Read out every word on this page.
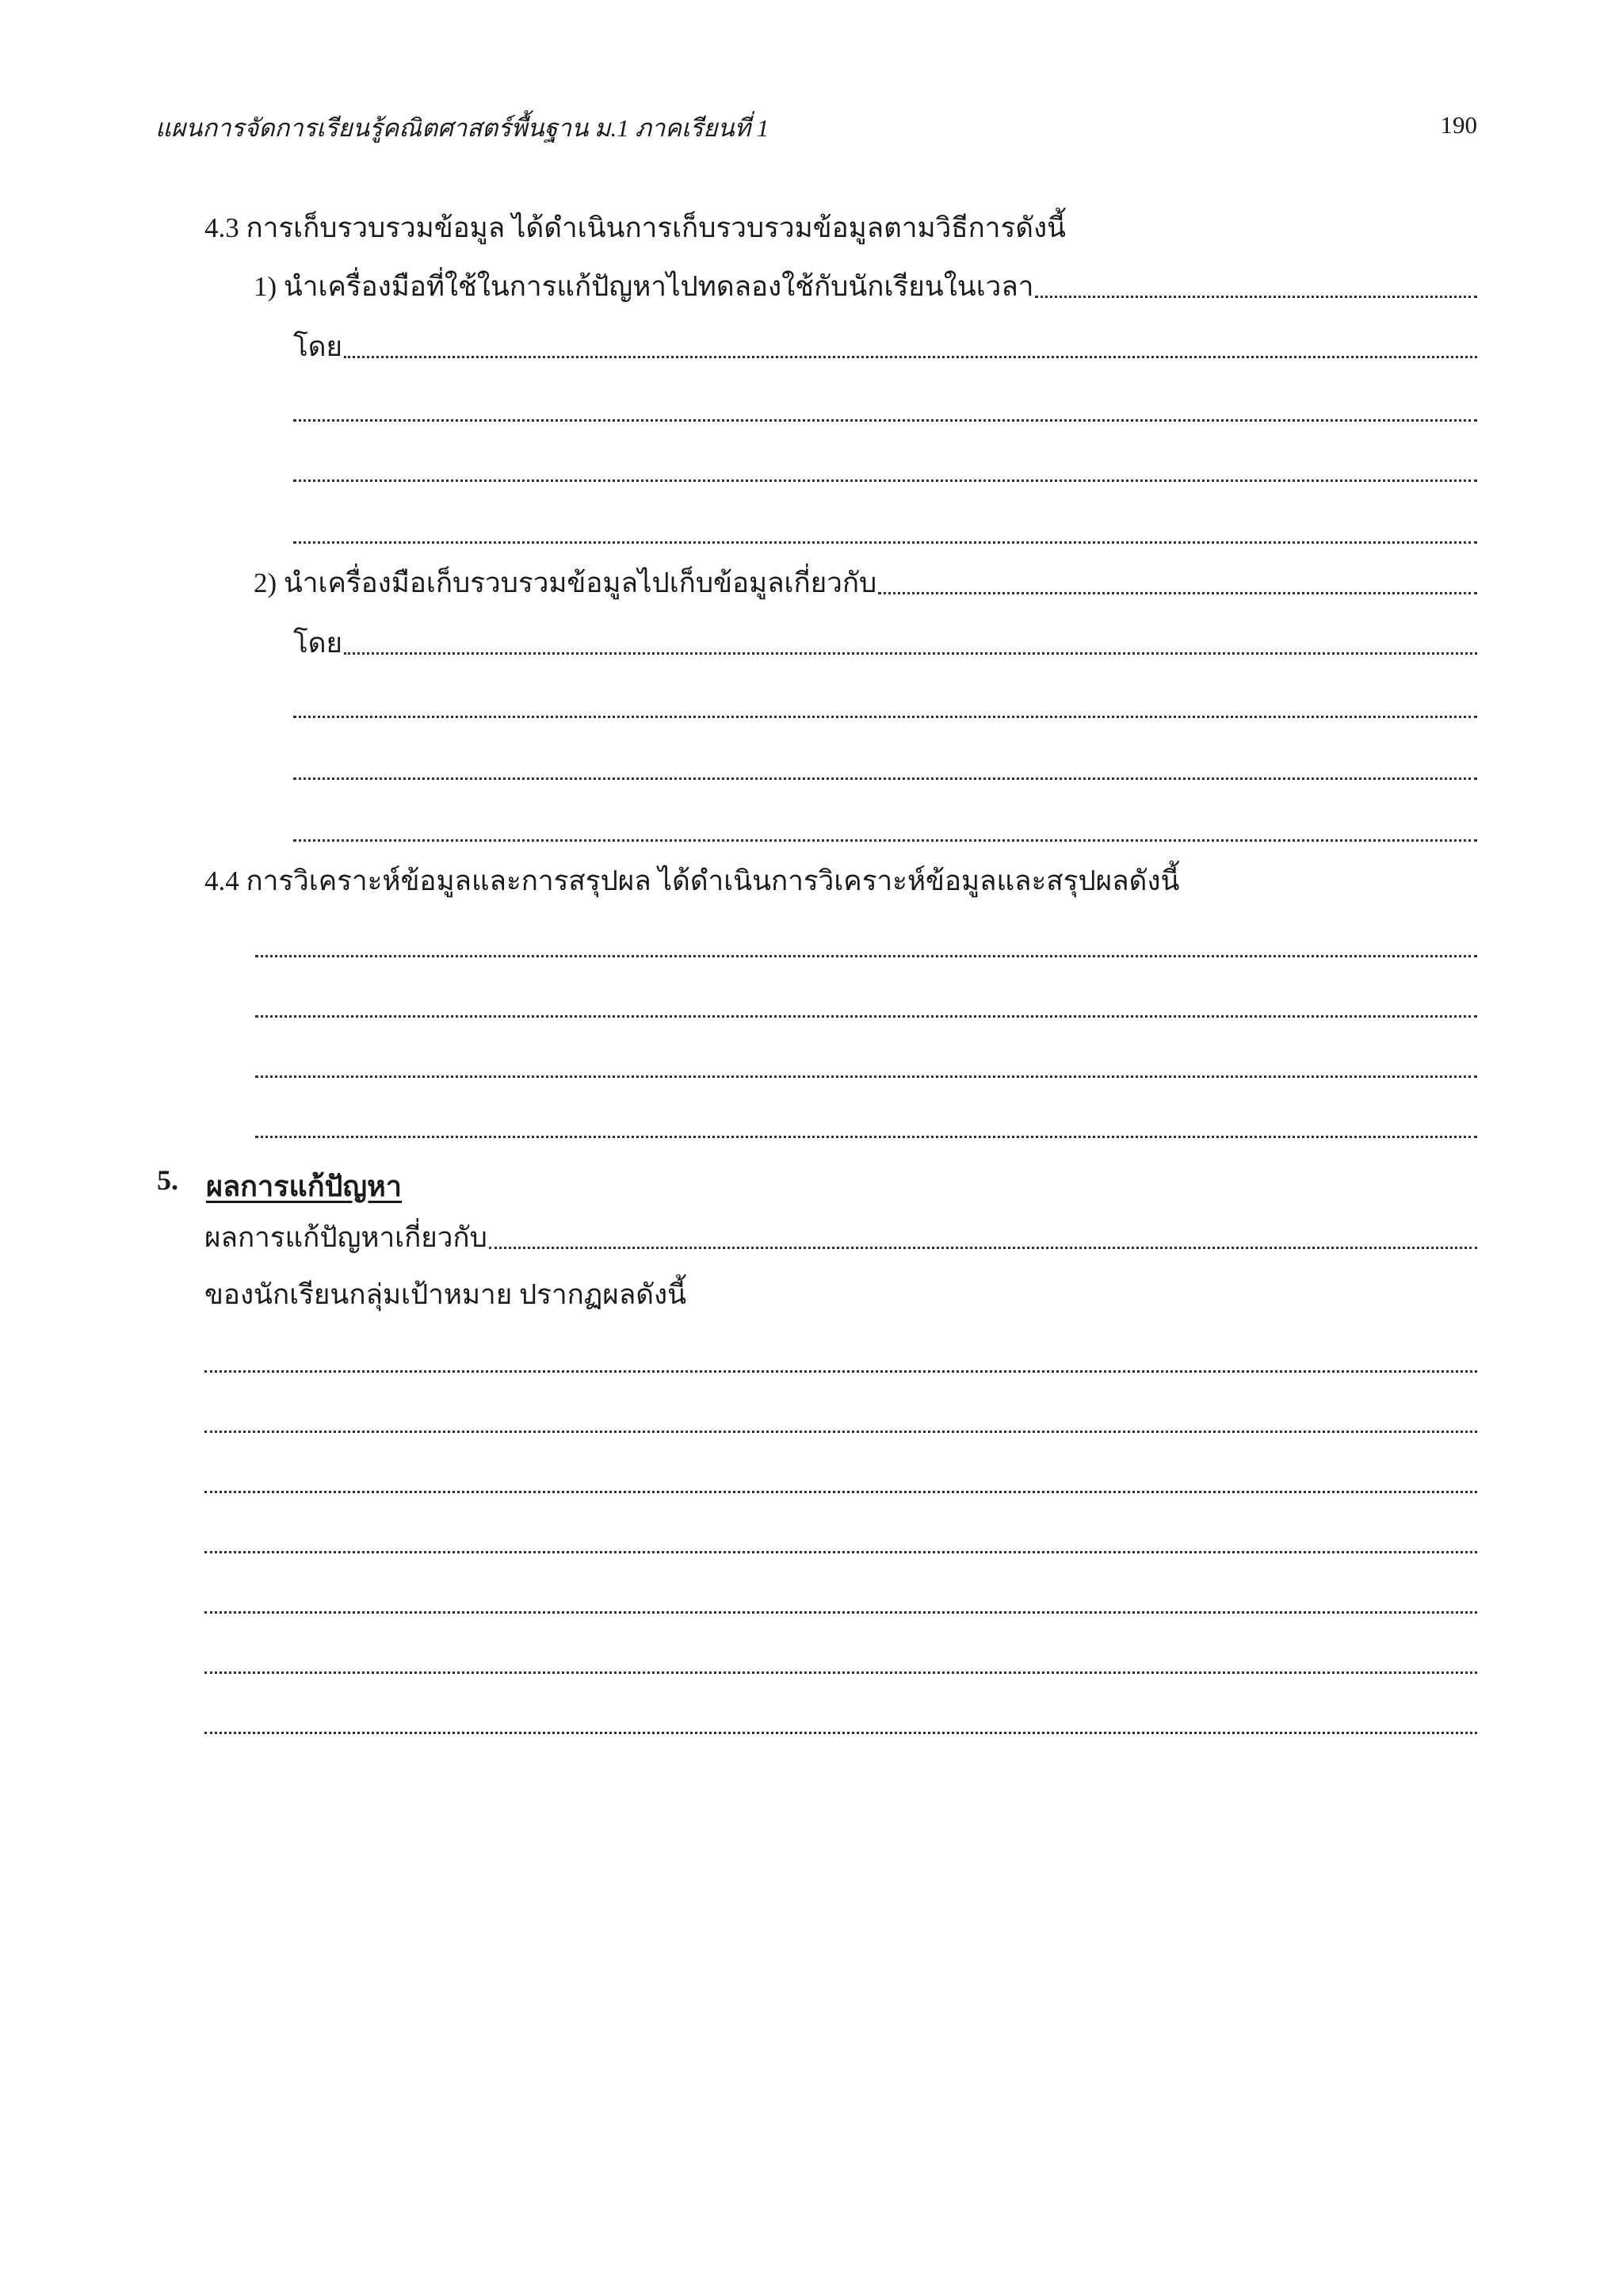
แผนการจัดการเรียนรู้คณิตศาสตร์พื้นฐาน ม.1 ภาคเรียนที่ 1	190
4.3 การเก็บรวบรวมข้อมูล ได้ดำเนินการเก็บรวบรวมข้อมูลตามวิธีการดังนี้
1) นำเครื่องมือที่ใช้ในการแก้ปัญหาไปทดลองใช้กับนักเรียนในเวลา
โดย
2) นำเครื่องมือเก็บรวบรวมข้อมูลไปเก็บข้อมูลเกี่ยวกับ
โดย
4.4 การวิเคราะห์ข้อมูลและการสรุปผล ได้ดำเนินการวิเคราะห์ข้อมูลและสรุปผลดังนี้
5. ผลการแก้ปัญหา
ผลการแก้ปัญหาเกี่ยวกับ
ของนักเรียนกลุ่มเป้าหมาย ปรากฏผลดังนี้
